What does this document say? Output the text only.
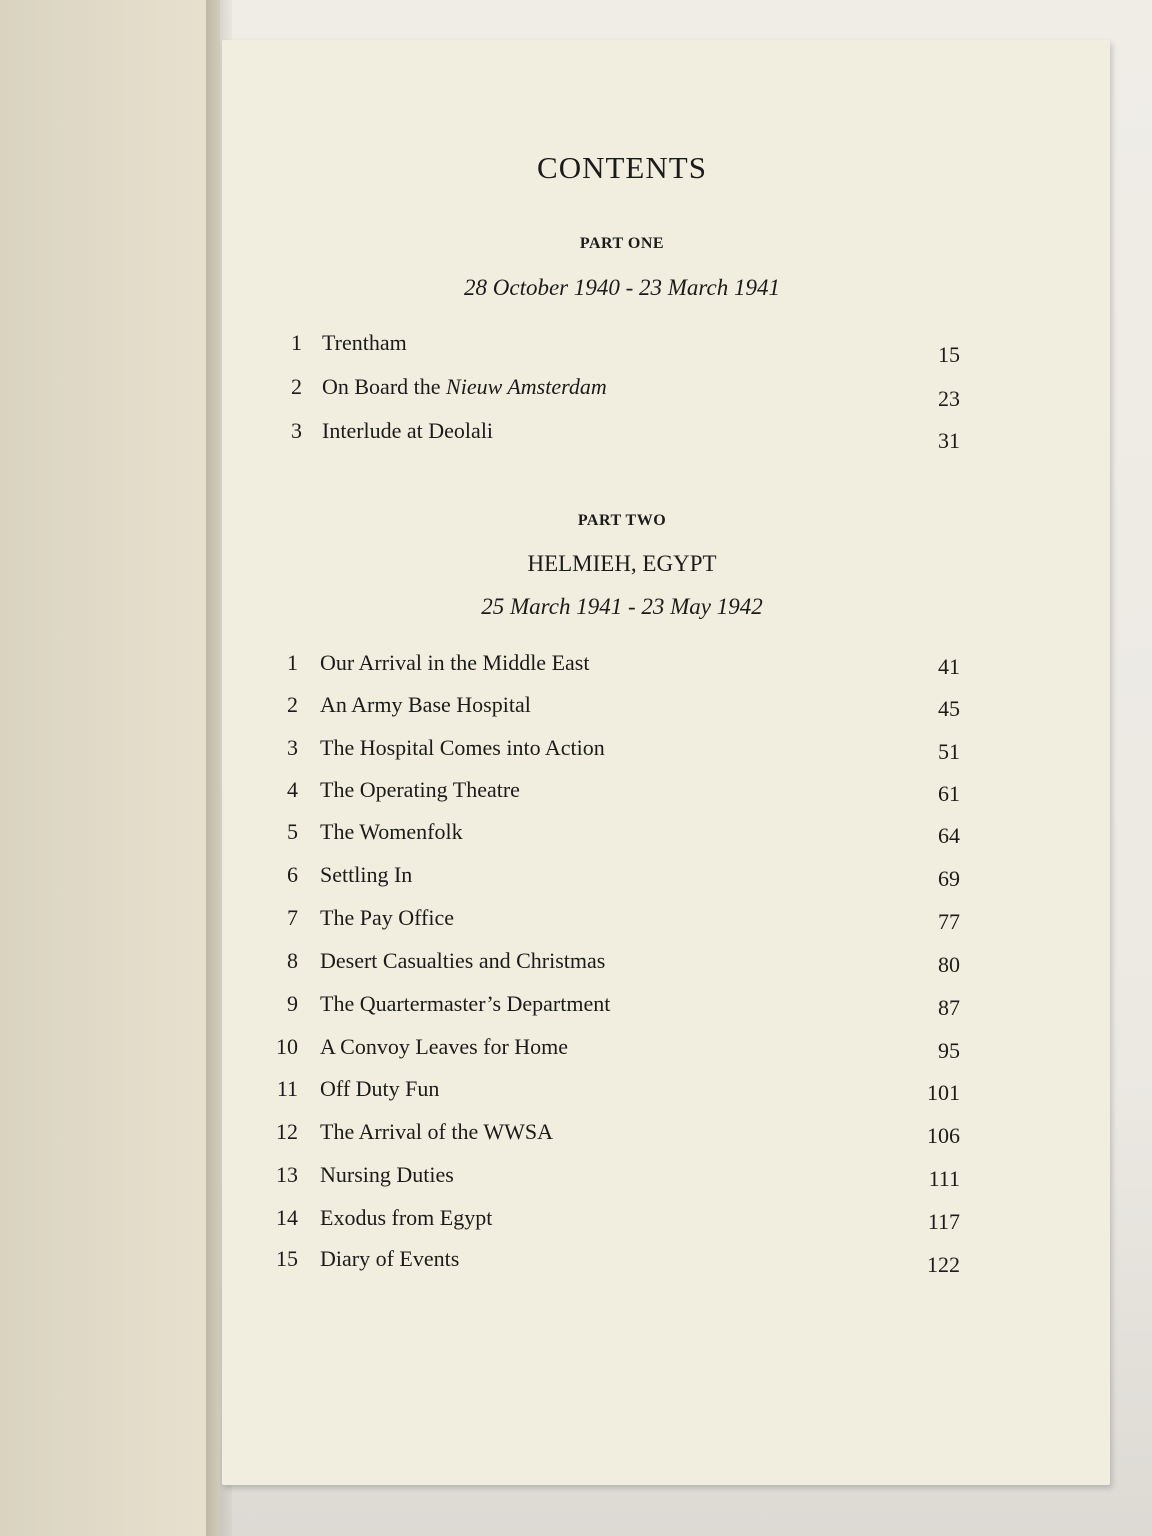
CONTENTS
PART ONE
28 October 1940 - 23 March 1941
1 Trentham	15
2 On Board the Nieuw Amsterdam	23
3 Interlude at Deolali	31
PART TWO
HELMIEH, EGYPT
25 March 1941 - 23 May 1942
1 Our Arrival in the Middle East	41
2 An Army Base Hospital	45
3 The Hospital Comes into Action	51
4 The Operating Theatre	61
5 The Womenfolk	64
6 Settling In	69
7 The Pay Office	77
8 Desert Casualties and Christmas	80
9 The Quartermaster’s Department	87
10 A Convoy Leaves for Home	95
11 Off Duty Fun	101
12 The Arrival of the WWSA	106
13 Nursing Duties	111
14 Exodus from Egypt	117
15 Diary of Events	122
